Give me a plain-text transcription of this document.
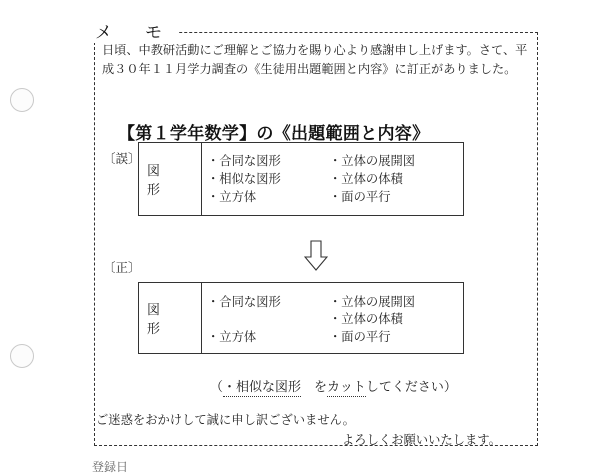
メ　モ
日頃、中教研活動にご理解とご協力を賜り心より感謝申し上げます。さて、平成３０年１１月学力調査の《生徒用出題範囲と内容》に訂正がありました。
【第１学年数学】の《出題範囲と内容》
〔誤〕
図 形
・合同な図形
・相似な図形
・立方体
・立体の展開図
・立体の体積
・面の平行
〔正〕
図 形
・合同な図形
・立方体
・立体の展開図
・立体の体積
・面の平行
（・相似な図形　をカットしてください）
ご迷惑をおかけして誠に申し訳ございません。
よろしくお願いいたします。
登録日
